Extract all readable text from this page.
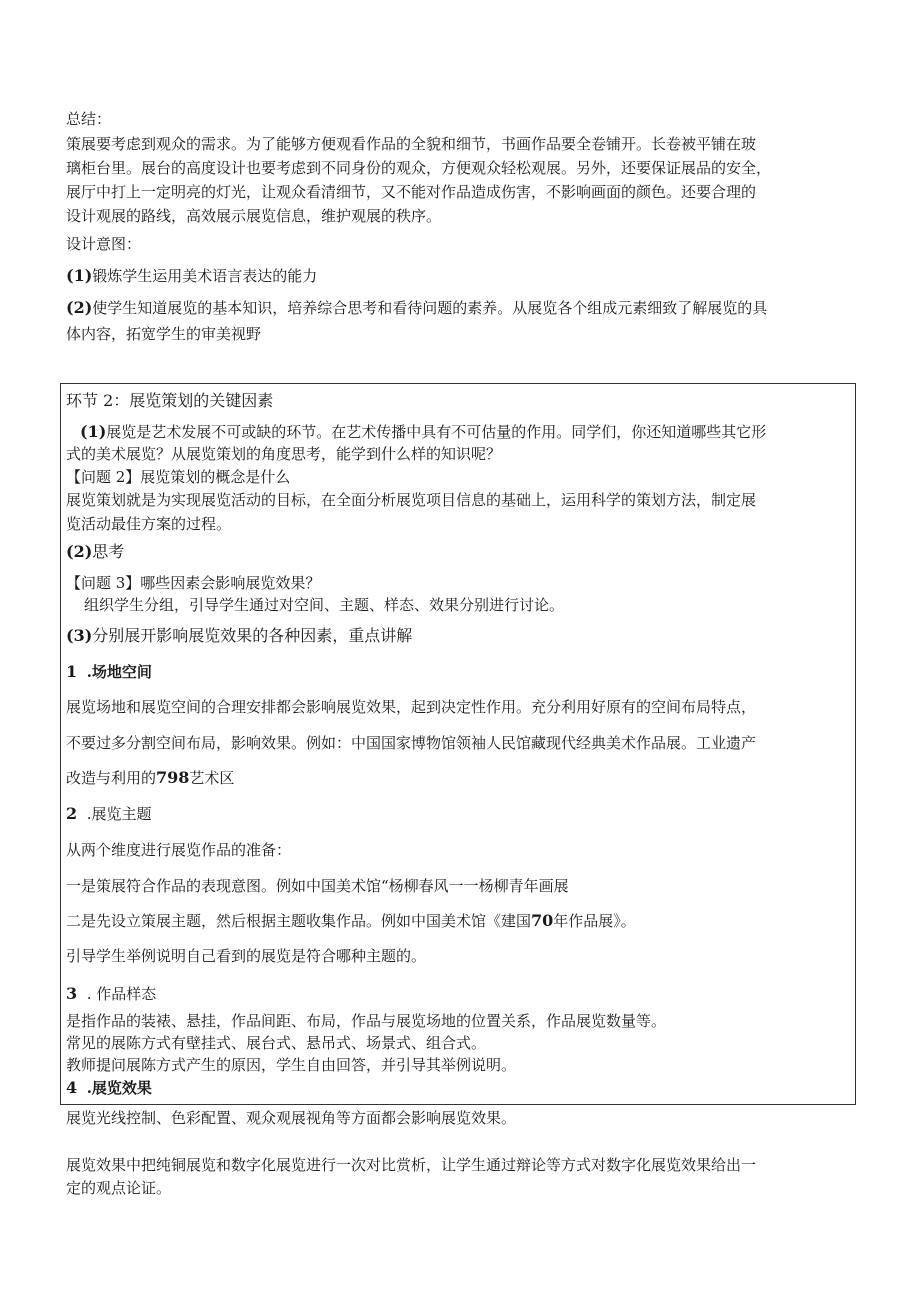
总结：
策展要考虑到观众的需求。为了能够方便观看作品的全貌和细节，书画作品要全卷铺开。长卷被平铺在玻
璃柜台里。展台的高度设计也要考虑到不同身份的观众，方便观众轻松观展。另外，还要保证展品的安全，
展厅中打上一定明亮的灯光，让观众看清细节，又不能对作品造成伤害，不影响画面的颜色。还要合理的
设计观展的路线，高效展示展览信息，维护观展的秩序。
设计意图：
(1)锻炼学生运用美术语言表达的能力
(2)使学生知道展览的基本知识，培养综合思考和看待问题的素养。从展览各个组成元素细致了解展览的具
体内容，拓宽学生的审美视野
环节 2：展览策划的关键因素
(1)展览是艺术发展不可或缺的环节。在艺术传播中具有不可估量的作用。同学们，你还知道哪些其它形
式的美术展览？从展览策划的角度思考，能学到什么样的知识呢？
【问题 2】展览策划的概念是什么
展览策划就是为实现展览活动的目标，在全面分析展览项目信息的基础上，运用科学的策划方法，制定展
览活动最佳方案的过程。
(2)思考
【问题 3】哪些因素会影响展览效果？
组织学生分组，引导学生通过对空间、主题、样态、效果分别进行讨论。
(3)分别展开影响展览效果的各种因素，重点讲解
1 .场地空间
展览场地和展览空间的合理安排都会影响展览效果，起到决定性作用。充分利用好原有的空间布局特点，
不要过多分割空间布局，影响效果。例如：中国国家博物馆领袖人民馆藏现代经典美术作品展。工业遗产
改造与利用的798艺术区
2 .展览主题
从两个维度进行展览作品的准备：
一是策展符合作品的表现意图。例如中国美术馆“杨柳春风一一杨柳青年画展
二是先设立策展主题，然后根据主题收集作品。例如中国美术馆《建国70年作品展》。
引导学生举例说明自己看到的展览是符合哪种主题的。
3 . 作品样态
是指作品的装裱、悬挂，作品间距、布局，作品与展览场地的位置关系，作品展览数量等。
常见的展陈方式有壁挂式、展台式、悬吊式、场景式、组合式。
教师提问展陈方式产生的原因，学生自由回答，并引导其举例说明。
4 .展览效果
展览光线控制、色彩配置、观众观展视角等方面都会影响展览效果。
展览效果中把纯铜展览和数字化展览进行一次对比赏析，让学生通过辩论等方式对数字化展览效果给出一
定的观点论证。
